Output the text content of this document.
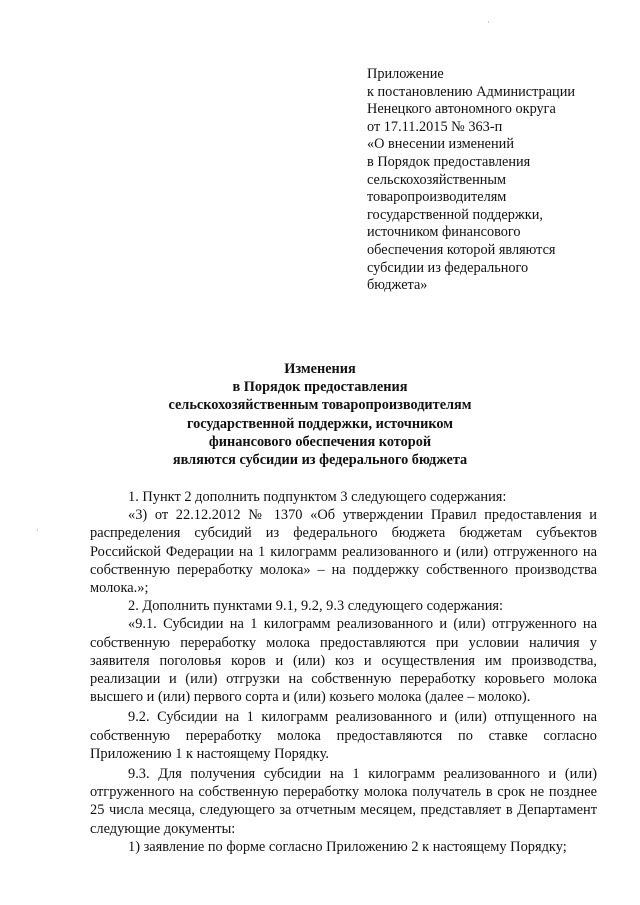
·
·
Приложение
к постановлению Администрации
Ненецкого автономного округа
от 17.11.2015 № 363-п
«О внесении изменений
в Порядок предоставления
сельскохозяйственным
товаропроизводителям
государственной поддержки,
источником финансового
обеспечения которой являются
субсидии из федерального
бюджета»
Изменения
в Порядок предоставления
сельскохозяйственным товаропроизводителям
государственной поддержки, источником
финансового обеспечения которой
являются субсидии из федерального бюджета

1. Пункт 2 дополнить подпунктом 3 следующего содержания:

«3) от 22.12.2012 № 1370 «Об утверждении Правил предоставления и распределения субсидий из федерального бюджета бюджетам субъектов Российской Федерации на 1 килограмм реализованного и (или) отгруженного на собственную переработку молока» – на поддержку собственного производства молока.»;

2. Дополнить пунктами 9.1, 9.2, 9.3 следующего содержания:

«9.1. Субсидии на 1 килограмм реализованного и (или) отгруженного на собственную переработку молока предоставляются при условии наличия у заявителя поголовья коров и (или) коз и осуществления им производства, реализации и (или) отгрузки на собственную переработку коровьего молока высшего и (или) первого сорта и (или) козьего молока (далее – молоко).

9.2. Субсидии на 1 килограмм реализованного и (или) отпущенного на собственную переработку молока предоставляются по ставке согласно Приложению 1 к настоящему Порядку.

9.3. Для получения субсидии на 1 килограмм реализованного и (или) отгруженного на собственную переработку молока получатель в срок не позднее 25 числа месяца, следующего за отчетным месяцем, представляет в Департамент следующие документы:

1) заявление по форме согласно Приложению 2 к настоящему Порядку;
